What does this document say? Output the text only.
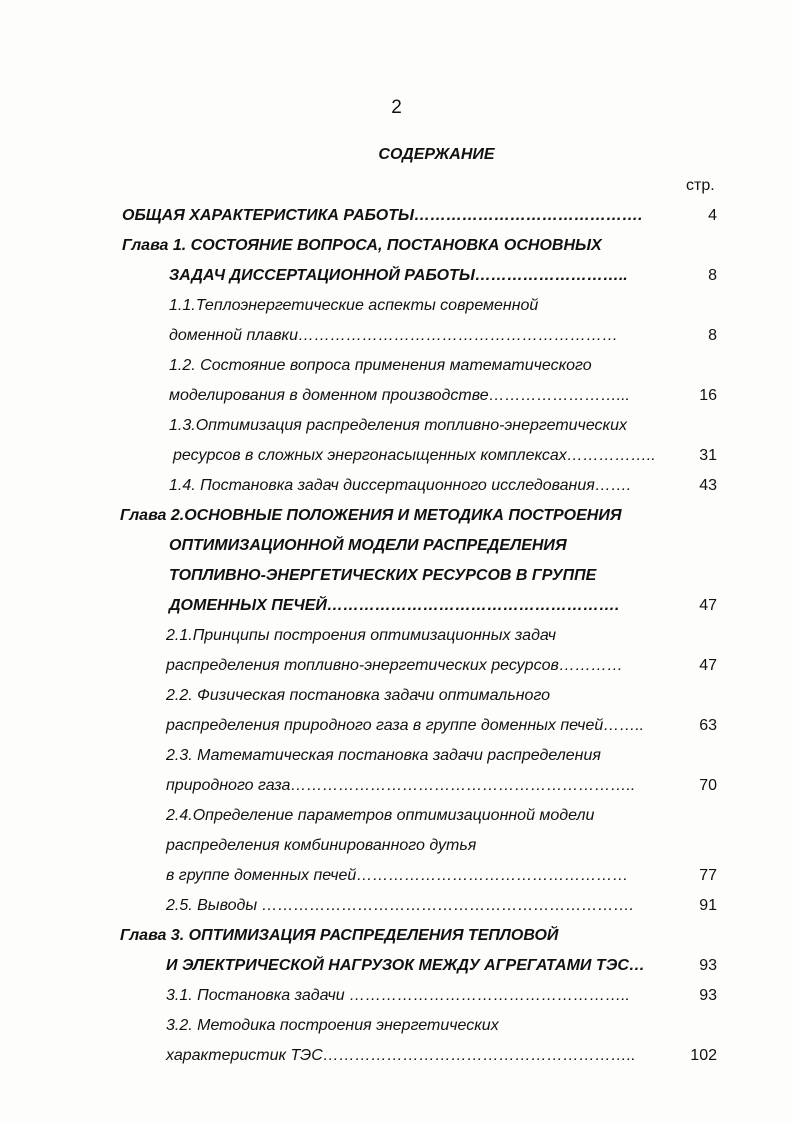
2
СОДЕРЖАНИЕ
стр.
ОБЩАЯ ХАРАКТЕРИСТИКА РАБОТЫ…………………………………….	4
Глава 1. СОСТОЯНИЕ ВОПРОСА, ПОСТАНОВКА ОСНОВНЫХ
ЗАДАЧ ДИССЕРТАЦИОННОЙ РАБОТЫ………………………..	8
1.1.Теплоэнергетические аспекты современной
доменной плавки……………………………………………………	8
1.2. Состояние вопроса применения математического
моделирования в доменном производстве……………………...	16
1.3.Оптимизация распределения топливно-энергетических
ресурсов в сложных энергонасыщенных комплексах……………..	31
1.4. Постановка задач диссертационного исследования…….	43
Глава 2.ОСНОВНЫЕ ПОЛОЖЕНИЯ И МЕТОДИКА ПОСТРОЕНИЯ
ОПТИМИЗАЦИОННОЙ МОДЕЛИ РАСПРЕДЕЛЕНИЯ
ТОПЛИВНО-ЭНЕРГЕТИЧЕСКИХ РЕСУРСОВ В ГРУППЕ
ДОМЕННЫХ ПЕЧЕЙ……………………………………………….	47
2.1.Принципы построения оптимизационных задач
распределения топливно-энергетических ресурсов…………	47
2.2. Физическая постановка задачи оптимального
распределения природного газа в группе доменных печей……..	63
2.3. Математическая постановка задачи распределения
природного газа………………………………………………………..	70
2.4.Определение параметров оптимизационной модели
распределения комбинированного дутья
в группе доменных печей……………………………………………	77
2.5. Выводы …………………………………………………………….	91
Глава 3. ОПТИМИЗАЦИЯ РАСПРЕДЕЛЕНИЯ ТЕПЛОВОЙ
И ЭЛЕКТРИЧЕСКОЙ НАГРУЗОК МЕЖДУ АГРЕГАТАМИ ТЭС…	93
3.1. Постановка задачи ……………………………………………..	93
3.2. Методика построения энергетических
характеристик ТЭС…………………………………………………..	102
